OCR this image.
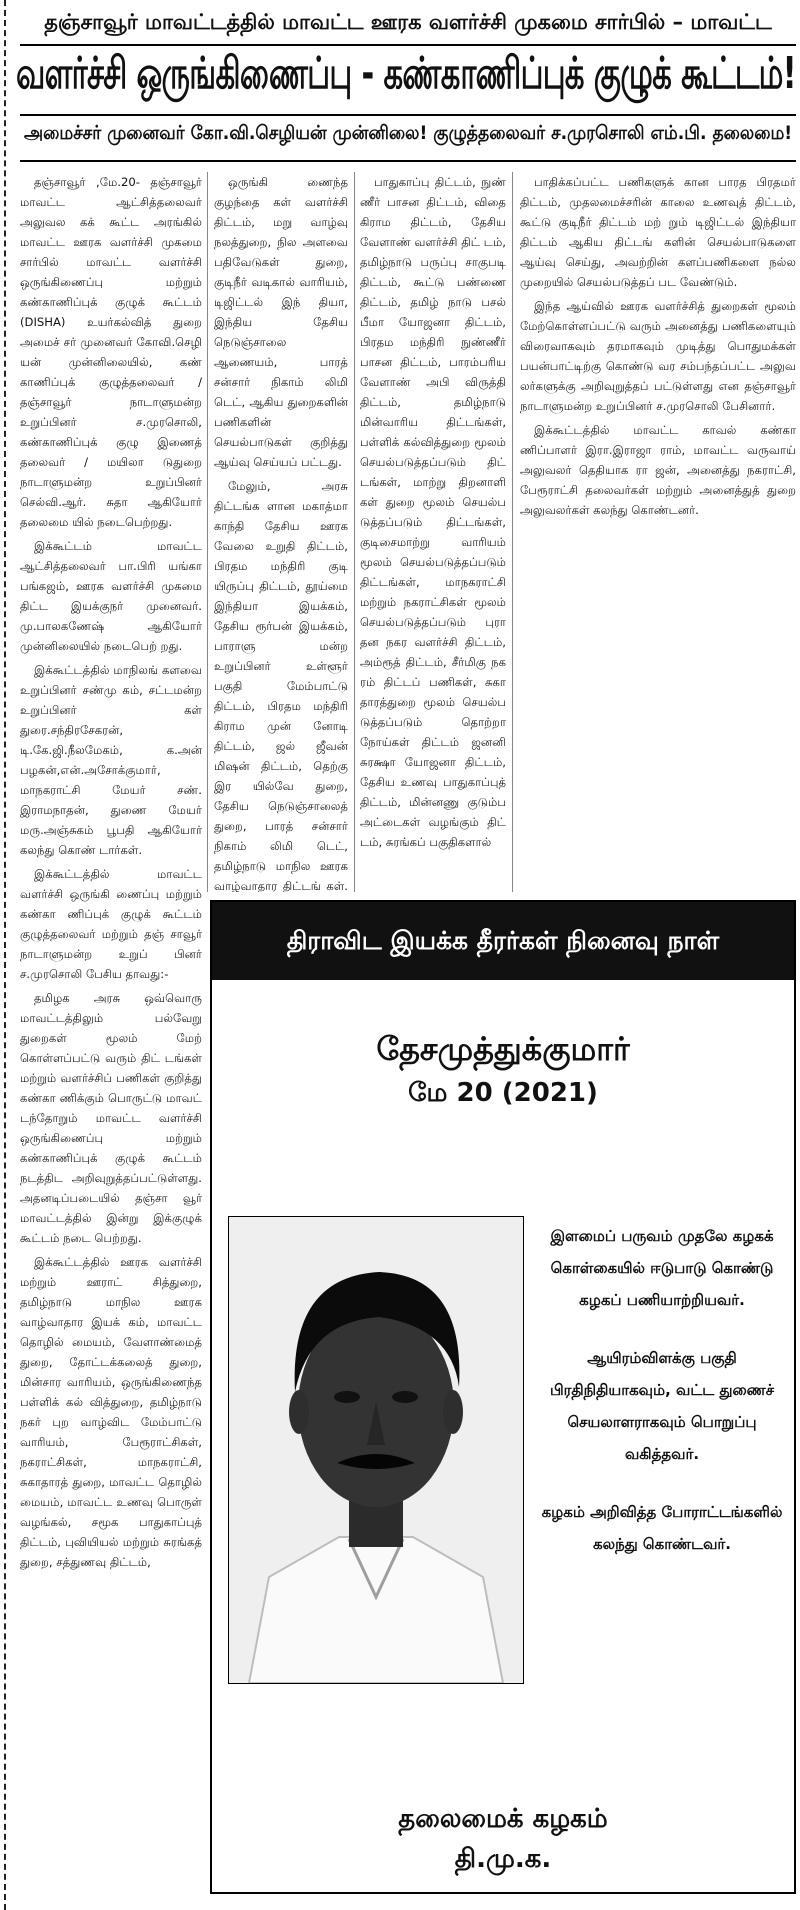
தஞ்சாவூர் மாவட்டத்தில் மாவட்ட ஊரக வளர்ச்சி முகமை சார்பில் – மாவட்ட
வளர்ச்சி ஒருங்கிணைப்பு - கண்காணிப்புக் குழுக் கூட்டம்!
அமைச்சர் முனைவர் கோ.வி.செழியன் முன்னிலை! குழுத்தலைவர் ச.முரசொலி எம்.பி. தலைமை!

தஞ்சாவூர் ,மே.20- தஞ்சாவூர் மாவட்ட ஆட்சித்தலைவர் அலுவல கக் கூட்ட அரங்கில் மாவட்ட ஊரக வளர்ச்சி முகமை சார்பில் மாவட்ட வளர்ச்சி ஒருங்கிணைப்பு மற்றும் கண்காணிப்புக் குழுக் கூட்டம் (DISHA) உயர்கல்வித் துறை அமைச் சர் முனைவர் கோவி.செழி யன் முன்னிலையில், கண் காணிப்புக் குழுத்தலைவர் / தஞ்சாவூர் நாடாளுமன்ற உறுப்பினர் ச.முரசொலி, கண்காணிப்புக் குழு இணைத் தலைவர் / மயிலா டுதுறை நாடாளுமன்ற உறுப்பினர் செல்வி.ஆர். சுதா ஆகியோர் தலைமை யில் நடைபெற்றது.

இக்கூட்டம் மாவட்ட ஆட்சித்தலைவர் பா.பிரி யங்கா பங்கஜம், ஊரக வளர்ச்சி முகமை திட்ட இயக்குநர் முனைவர். மு.பாலகணேஷ் ஆகியோர் முன்னிலையில் நடைபெற் றது.

இக்கூட்டத்தில் மாநிலங் களவை உறுப்பினர் சண்மு கம், சட்டமன்ற உறுப்பினர் கள் துரை.சந்திரசேகரன், டி.கே.ஜி.நீலமேகம், க.அன் பழகன்,என்.அசோக்குமார், மாநகராட்சி மேயர் சண். இராமநாதன், துணை மேயர் மரு.அஞ்சுகம் பூபதி ஆகியோர் கலந்து கொண் டார்கள்.

இக்கூட்டத்தில் மாவட்ட வளர்ச்சி ஒருங்கி ணைப்பு மற்றும் கண்கா ணிப்புக் குழுக் கூட்டம் குழுத்தலைவர் மற்றும் தஞ் சாவூர் நாடாளுமன்ற உறுப் பினர் ச.முரசொலி பேசிய தாவது:-

தமிழக அரசு ஒவ்வொரு மாவட்டத்திலும் பல்வேறு துறைகள் மூலம் மேற் கொள்ளப்பட்டு வரும் திட் டங்கள் மற்றும் வளர்ச்சிப் பணிகள் குறித்து கண்கா ணிக்கும் பொருட்டு மாவட் டந்தோறும் மாவட்ட வளர்ச்சி ஒருங்கிணைப்பு மற்றும் கண்காணிப்புக் குழுக் கூட்டம் நடத்திட அறிவுறுத்தப்பட்டுள்ளது. அதனடிப்படையில் தஞ்சா வூர் மாவட்டத்தில் இன்று இக்குழுக் கூட்டம் நடை பெற்றது.

இக்கூட்டத்தில் ஊரக வளர்ச்சி மற்றும் ஊராட் சித்துறை, தமிழ்நாடு மாநில ஊரக வாழ்வாதார இயக் கம், மாவட்ட தொழில் மையம், வேளாண்மைத் துறை, தோட்டக்கலைத் துறை, மின்சார வாரியம், ஒருங்கிணைந்த பள்ளிக் கல் வித்துறை, தமிழ்நாடு நகர் புற வாழ்விட மேம்பாட்டு வாரியம், பேரூராட்சிகள், நகராட்சிகள், மாநகராட்சி, சுகாதாரத் துறை, மாவட்ட தொழில் மையம், மாவட்ட உணவு பொருள் வழங்கல், சமூக பாதுகாப்புத் திட்டம், புவியியல் மற்றும் சுரங்கத் துறை, சத்துணவு திட்டம்,

ஒருங்கி ணைந்த குழந்தை கள் வளர்ச்சி திட்டம், மறு வாழ்வு நலத்துறை, நில அளவை பதிவேடுகள் துறை, குடிநீர் வடிகால் வாரியம், டிஜிட்டல் இந் தியா, இந்திய தேசிய நெடுஞ்சாலை ஆணையம், பாரத் சன்சார் நிகாம் லிமி டெட், ஆகிய துறைகளின் பணிகளின் செயல்பாடுகள் குறித்து ஆய்வு செய்யப் பட்டது.

மேலும், அரசு திட்டங்க ளான மகாத்மா காந்தி தேசிய ஊரக வேலை உறுதி திட்டம், பிரதம மந்திரி குடி யிருப்பு திட்டம், தூய்மை இந்தியா இயக்கம், தேசிய ரூர்பன் இயக்கம், பாராளு மன்ற உறுப்பினர் உள்ளூர் பகுதி மேம்பாட்டு திட்டம், பிரதம மந்திரி கிராம முன் னோடி திட்டம், ஜல் ஜீவன் மிஷன் திட்டம், தெற்கு இர யில்வே துறை, தேசிய நெடுஞ்சாலைத் துறை, பாரத் சன்சார் நிகாம் லிமி டெட், தமிழ்நாடு மாநில ஊரக வாழ்வாதார திட்டங் கள்.

பாதுகாப்பு திட்டம், நுண் ணீர் பாசன திட்டம், விதை கிராம திட்டம், தேசிய வேளாண் வளர்ச்சி திட் டம், தமிழ்நாடு பருப்பு சாகுபடி திட்டம், கூட்டு பண்ணை திட்டம், தமிழ் நாடு பசல் பீமா யோஜனா திட்டம், பிரதம மந்திரி நுண்ணீர் பாசன திட்டம், பாரம்பரிய வேளாண் அபி விருத்தி திட்டம், தமிழ்நாடு மின்வாரிய திட்டங்கள், பள்ளிக் கல்வித்துறை மூலம் செயல்படுத்தப்படும் திட் டங்கள், மாற்று திறனாளி கள் துறை மூலம் செயல்ப டுத்தப்படும் திட்டங்கள், குடிசைமாற்று வாரியம் மூலம் செயல்படுத்தப்படும் திட்டங்கள், மாநகராட்சி மற்றும் நகராட்சிகள் மூலம் செயல்படுத்தப்படும் புரா தன நகர வளர்ச்சி திட்டம், அம்ரூத் திட்டம், சீர்மிகு நக ரம் திட்டப் பணிகள், சுகா தாரத்துறை மூலம் செயல்ப டுத்தப்படும் தொற்றா நோய்கள் திட்டம் ஜனனி சுரக்ஷா யோஜனா திட்டம், தேசிய உணவு பாதுகாப்புத் திட்டம், மின்னணு குடும்ப அட்டைகள் வழங்கும் திட் டம், சுரங்கப் பகுதிகளால்

பாதிக்கப்பட்ட பணிகளுக் கான பாரத பிரதமர் திட்டம், முதலமைச்சரின் காலை உணவுத் திட்டம், கூட்டு குடிநீர் திட்டம் மற் றும் டிஜிட்டல் இந்தியா திட்டம் ஆகிய திட்டங் களின் செயல்பாடுகளை ஆய்வு செய்து, அவற்றின் களப்பணிகளை நல்ல முறையில் செயல்படுத்தப் பட வேண்டும்.

இந்த ஆய்வில் ஊரக வளர்ச்சித் துறைகள் மூலம் மேற்கொள்ளப்பட்டு வரும் அனைத்து பணிகளையும் விரைவாகவும் தரமாகவும் முடித்து பொதுமக்கள் பயன்பாட்டிற்கு கொண்டு வர சம்பந்தப்பட்ட அலுவ லர்களுக்கு அறிவுறுத்தப் பட்டுள்ளது என தஞ்சாவூர் நாடாளுமன்ற உறுப்பினர் ச.முரசொலி பேசினார்.

இக்கூட்டத்தில் மாவட்ட காவல் கண்கா ணிப்பாளர் இரா.இராஜா ராம், மாவட்ட வருவாய் அலுவலர் தெதியாக ரா ஜன், அனைத்து நகராட்சி, பேரூராட்சி தலைவர்கள் மற்றும் அனைத்துத் துறை அலுவலர்கள் கலந்து கொண்டனர்.

திராவிட இயக்க தீரர்கள் நினைவு நாள்
தேசமுத்துக்குமார்
மே 20 (2021)

இளமைப் பருவம் முதலே கழகக் கொள்கையில் ஈடுபாடு கொண்டு கழகப் பணியாற்றியவர்.

ஆயிரம்விளக்கு பகுதி பிரதிநிதியாகவும், வட்ட துணைச் செயலாளராகவும் பொறுப்பு வகித்தவர்.

கழகம் அறிவித்த போராட்டங்களில் கலந்து கொண்டவர்.

தலைமைக் கழகம்
தி.மு.க.
